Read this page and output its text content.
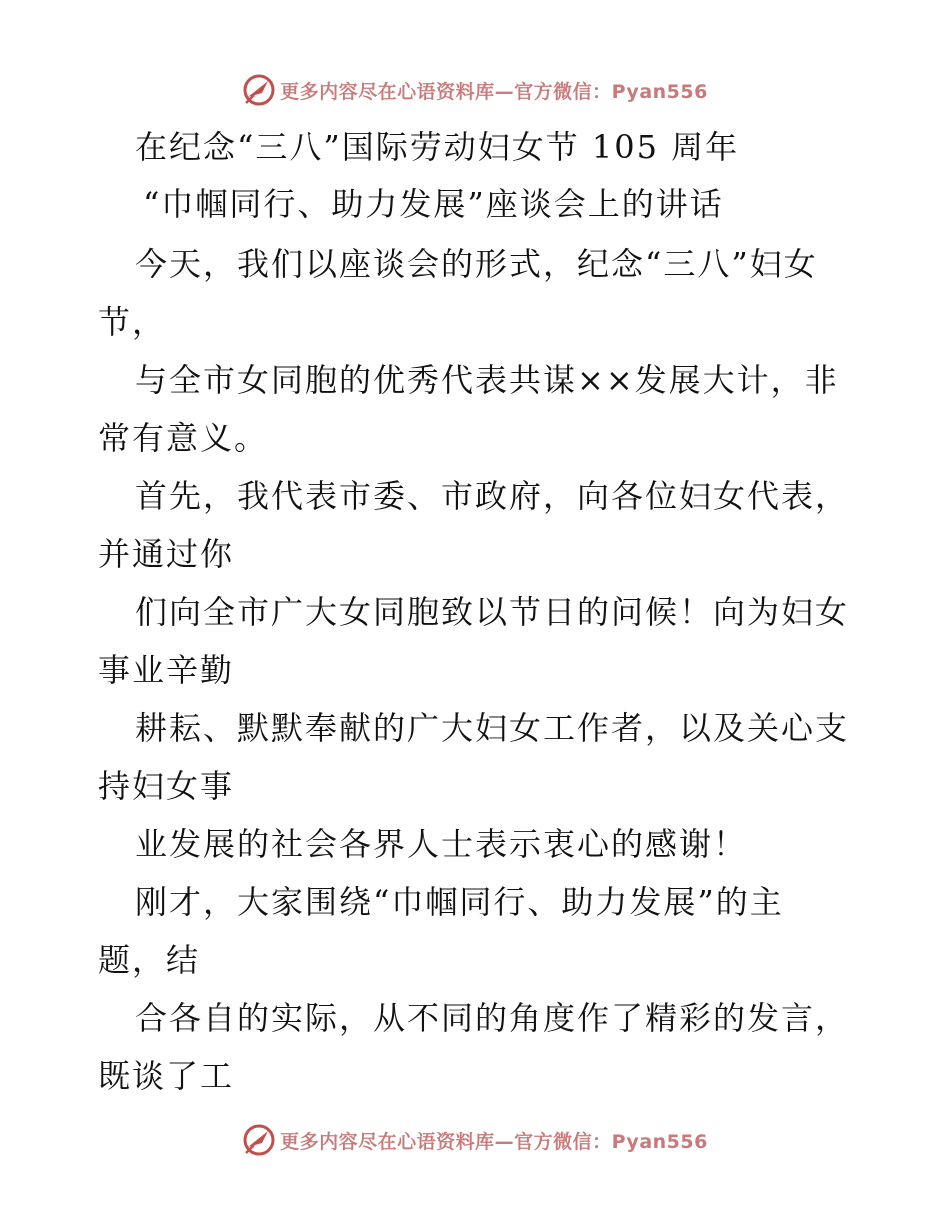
更多内容尽在心语资料库—官方微信：Pyan556
在纪念“三八”国际劳动妇女节 105 周年
“巾帼同行、助力发展”座谈会上的讲话
今天，我们以座谈会的形式，纪念“三八”妇女
节，
与全市女同胞的优秀代表共谋××发展大计，非
常有意义。
首先，我代表市委、市政府，向各位妇女代表，
并通过你
们向全市广大女同胞致以节日的问候！向为妇女
事业辛勤
耕耘、默默奉献的广大妇女工作者，以及关心支
持妇女事
业发展的社会各界人士表示衷心的感谢！
刚才，大家围绕“巾帼同行、助力发展”的主
题，结
合各自的实际，从不同的角度作了精彩的发言，
既谈了工
更多内容尽在心语资料库—官方微信：Pyan556
